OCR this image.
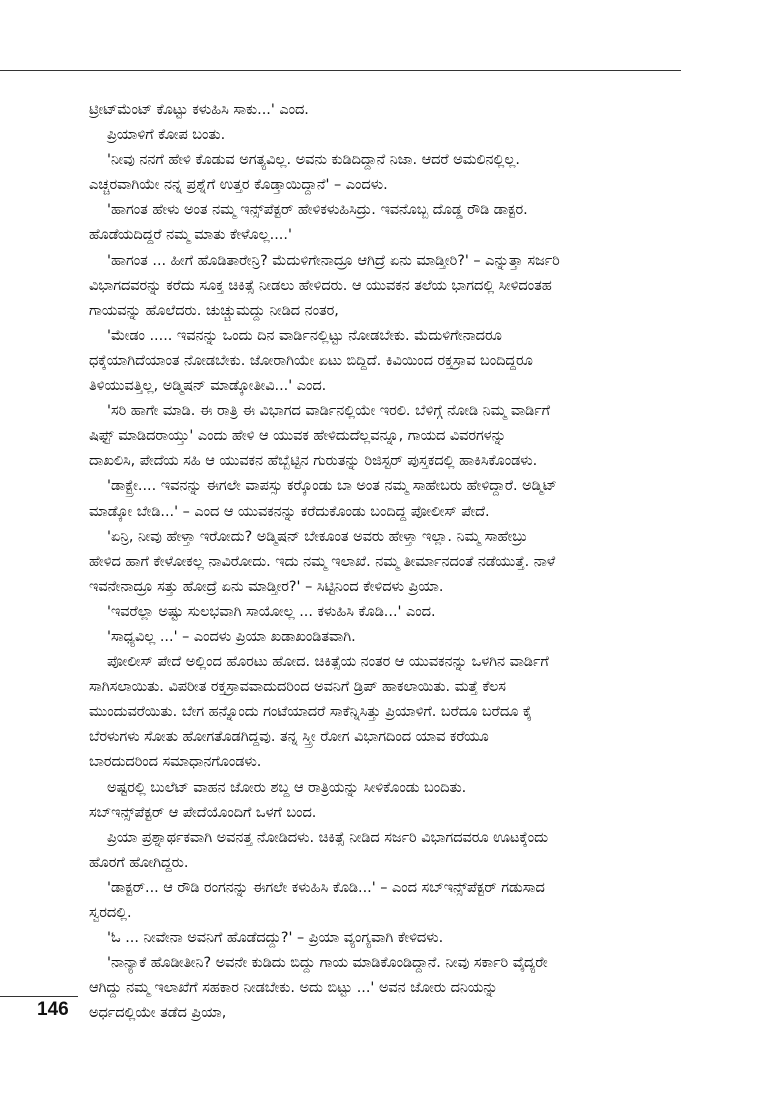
ಟ್ರೀಟ್‌ಮೆಂಟ್ ಕೊಟ್ಟು ಕಳುಹಿಸಿ ಸಾಕು...' ಎಂದ.

ಪ್ರಿಯಾಳಿಗೆ ಕೋಪ ಬಂತು.

'ನೀವು ನನಗೆ ಹೇಳಿ ಕೊಡುವ ಅಗತ್ಯವಿಲ್ಲ. ಅವನು ಕುಡಿದಿದ್ದಾನೆ ನಿಜಾ. ಆದರೆ ಅಮಲಿನಲ್ಲಿಲ್ಲ.
ಎಚ್ಚರವಾಗಿಯೇ ನನ್ನ ಪ್ರಶ್ನೆಗೆ ಉತ್ತರ ಕೊಡ್ತಾಯಿದ್ದಾನೆ' – ಎಂದಳು.

'ಹಾಗಂತ ಹೇಳು ಅಂತ ನಮ್ಮ ಇನ್ಸ್‌ಪೆಕ್ಟರ್ ಹೇಳಿಕಳುಹಿಸಿದ್ರು. ಇವನೊಬ್ಬ ದೊಡ್ಡ ರೌಡಿ ಡಾಕ್ಟರ.
ಹೊಡೆಯದಿದ್ದರೆ ನಮ್ಮ ಮಾತು ಕೇಳೊಲ್ಲ....'

'ಹಾಗಂತ ... ಹೀಗೆ ಹೊಡಿತಾರೇನ್ರಿ? ಮೆದುಳಿಗೇನಾದ್ರೂ ಆಗಿದ್ರೆ ಏನು ಮಾಡ್ತೀರಿ?' – ಎನ್ನುತ್ತಾ ಸರ್ಜರಿ
ವಿಭಾಗದವರನ್ನು ಕರೆದು ಸೂಕ್ತ ಚಿಕಿತ್ಸೆ ನೀಡಲು ಹೇಳಿದರು. ಆ ಯುವಕನ ತಲೆಯ ಭಾಗದಲ್ಲಿ ಸೀಳಿದಂತಹ
ಗಾಯವನ್ನು ಹೊಲೆದರು. ಚುಚ್ಚುಮದ್ದು ನೀಡಿದ ನಂತರ,

'ಮೇಡಂ ..... ಇವನನ್ನು ಒಂದು ದಿನ ವಾರ್ಡಿನಲ್ಲಿಟ್ಟು ನೋಡಬೇಕು. ಮೆದುಳಿಗೇನಾದರೂ
ಧಕ್ಕೆಯಾಗಿದೆಯಾಂತ ನೋಡಬೇಕು. ಜೋರಾಗಿಯೇ ಏಟು ಬಿದ್ದಿದೆ. ಕಿವಿಯಿಂದ ರಕ್ತಸ್ರಾವ ಬಂದಿದ್ದರೂ
ತಿಳಿಯುವತ್ತಿಲ್ಲ, ಅಡ್ಮಿಷನ್ ಮಾಡ್ಕೋತೀವಿ...' ಎಂದ.

'ಸರಿ ಹಾಗೇ ಮಾಡಿ. ಈ ರಾತ್ರಿ ಈ ವಿಭಾಗದ ವಾರ್ಡಿನಲ್ಲಿಯೇ ಇರಲಿ. ಬೆಳಿಗ್ಗೆ ನೋಡಿ ನಿಮ್ಮ ವಾರ್ಡಿಗೆ
ಷಿಫ್ಟ್ ಮಾಡಿದರಾಯ್ತು' ಎಂದು ಹೇಳಿ ಆ ಯುವಕ ಹೇಳಿದುದೆಲ್ಲವನ್ನೂ, ಗಾಯದ ವಿವರಗಳನ್ನು
ದಾಖಲಿಸಿ, ಪೇದೆಯ ಸಹಿ ಆ ಯುವಕನ ಹೆಬ್ಬೆಟ್ಟಿನ ಗುರುತನ್ನು ರಿಜಿಸ್ಟರ್ ಪುಸ್ತಕದಲ್ಲಿ ಹಾಕಿಸಿಕೊಂಡಳು.

'ಡಾಕ್ಟ್ರೇ.... ಇವನನ್ನು ಈಗಲೇ ವಾಪಸ್ಸು ಕರ್‍ಕೊಂಡು ಬಾ ಅಂತ ನಮ್ಮ ಸಾಹೇಬರು ಹೇಳಿದ್ದಾರೆ. ಅಡ್ಮಿಟ್
ಮಾಡ್ಕೋ ಬೇಡಿ...' – ಎಂದ ಆ ಯುವಕನನ್ನು ಕರೆದುಕೊಂಡು ಬಂದಿದ್ದ ಪೋಲೀಸ್ ಪೇದೆ.

'ಏನ್ರಿ, ನೀವು ಹೇಳ್ತಾ ಇರೋದು? ಅಡ್ಮಿಷನ್ ಬೇಕೂಂತ ಅವರು ಹೇಳ್ತಾ ಇಲ್ಲಾ. ನಿಮ್ಮ ಸಾಹೇಬ್ರು
ಹೇಳಿದ ಹಾಗೆ ಕೇಳೋಕಲ್ಲ ನಾವಿರೋದು. ಇದು ನಮ್ಮ ಇಲಾಖೆ. ನಮ್ಮ ತೀರ್ಮಾನದಂತೆ ನಡೆಯುತ್ತೆ. ನಾಳೆ
ಇವನೇನಾದ್ರೂ ಸತ್ತು ಹೋದ್ರೆ ಏನು ಮಾಡ್ತೀರ?' – ಸಿಟ್ಟಿನಿಂದ ಕೇಳಿದಳು ಪ್ರಿಯಾ.

'ಇವರೆಲ್ಲಾ ಅಷ್ಟು ಸುಲಭವಾಗಿ ಸಾಯೋಲ್ಲ ... ಕಳುಹಿಸಿ ಕೊಡಿ...' ಎಂದ.

'ಸಾಧ್ಯವಿಲ್ಲ ...' – ಎಂದಳು ಪ್ರಿಯಾ ಖಡಾಖಂಡಿತವಾಗಿ.

ಪೋಲೀಸ್ ಪೇದೆ ಅಲ್ಲಿಂದ ಹೊರಟು ಹೋದ. ಚಿಕಿತ್ಸೆಯ ನಂತರ ಆ ಯುವಕನನ್ನು ಒಳಗಿನ ವಾರ್ಡಿಗೆ
ಸಾಗಿಸಲಾಯಿತು. ವಿಪರೀತ ರಕ್ತಸ್ರಾವವಾದುದರಿಂದ ಅವನಿಗೆ ಡ್ರಿಪ್ ಹಾಕಲಾಯಿತು. ಮತ್ತೆ ಕೆಲಸ
ಮುಂದುವರೆಯಿತು. ಬೇಗ ಹನ್ನೊಂದು ಗಂಟೆಯಾದರೆ ಸಾಕೆನ್ನಿಸಿತ್ತು ಪ್ರಿಯಾಳಿಗೆ. ಬರೆದೂ ಬರೆದೂ ಕೈ
ಬೆರಳುಗಳು ಸೋತು ಹೋಗತೊಡಗಿದ್ದವು. ತನ್ನ ಸ್ತ್ರೀ ರೋಗ ವಿಭಾಗದಿಂದ ಯಾವ ಕರೆಯೂ
ಬಾರದುದರಿಂದ ಸಮಾಧಾನಗೊಂಡಳು.

ಅಷ್ಟರಲ್ಲಿ ಬುಲೆಟ್ ವಾಹನ ಜೋರು ಶಬ್ದ ಆ ರಾತ್ರಿಯನ್ನು ಸೀಳಿಕೊಂಡು ಬಂದಿತು.
ಸಬ್‌ಇನ್ಸ್‌ಪೆಕ್ಟರ್ ಆ ಪೇದೆಯೊಂದಿಗೆ ಒಳಗೆ ಬಂದ.

ಪ್ರಿಯಾ ಪ್ರಶ್ನಾರ್ಥಕವಾಗಿ ಅವನತ್ತ ನೋಡಿದಳು. ಚಿಕಿತ್ಸೆ ನೀಡಿದ ಸರ್ಜರಿ ವಿಭಾಗದವರೂ ಊಟಕ್ಕೆಂದು
ಹೊರಗೆ ಹೋಗಿದ್ದರು.

'ಡಾಕ್ಟರ್... ಆ ರೌಡಿ ರಂಗನನ್ನು ಈಗಲೇ ಕಳುಹಿಸಿ ಕೊಡಿ...' – ಎಂದ ಸಬ್‌ಇನ್ಸ್‌ಪೆಕ್ಟರ್ ಗಡುಸಾದ
ಸ್ವರದಲ್ಲಿ.

'ಓ ... ನೀವೇನಾ ಅವನಿಗೆ ಹೊಡೆದದ್ದು?' – ಪ್ರಿಯಾ ವ್ಯಂಗ್ಯವಾಗಿ ಕೇಳಿದಳು.

'ನಾನ್ಯಾಕೆ ಹೊಡೀತೀನಿ? ಅವನೇ ಕುಡಿದು ಬಿದ್ದು ಗಾಯ ಮಾಡಿಕೊಂಡಿದ್ದಾನೆ. ನೀವು ಸರ್ಕಾರಿ ವೈದ್ಯರೇ
ಆಗಿದ್ದು ನಮ್ಮ ಇಲಾಖೆಗೆ ಸಹಕಾರ ನೀಡಬೇಕು. ಅದು ಬಿಟ್ಟು ...' ಅವನ ಜೋರು ದನಿಯನ್ನು
ಅರ್ಧದಲ್ಲಿಯೇ ತಡೆದ ಪ್ರಿಯಾ,

146
